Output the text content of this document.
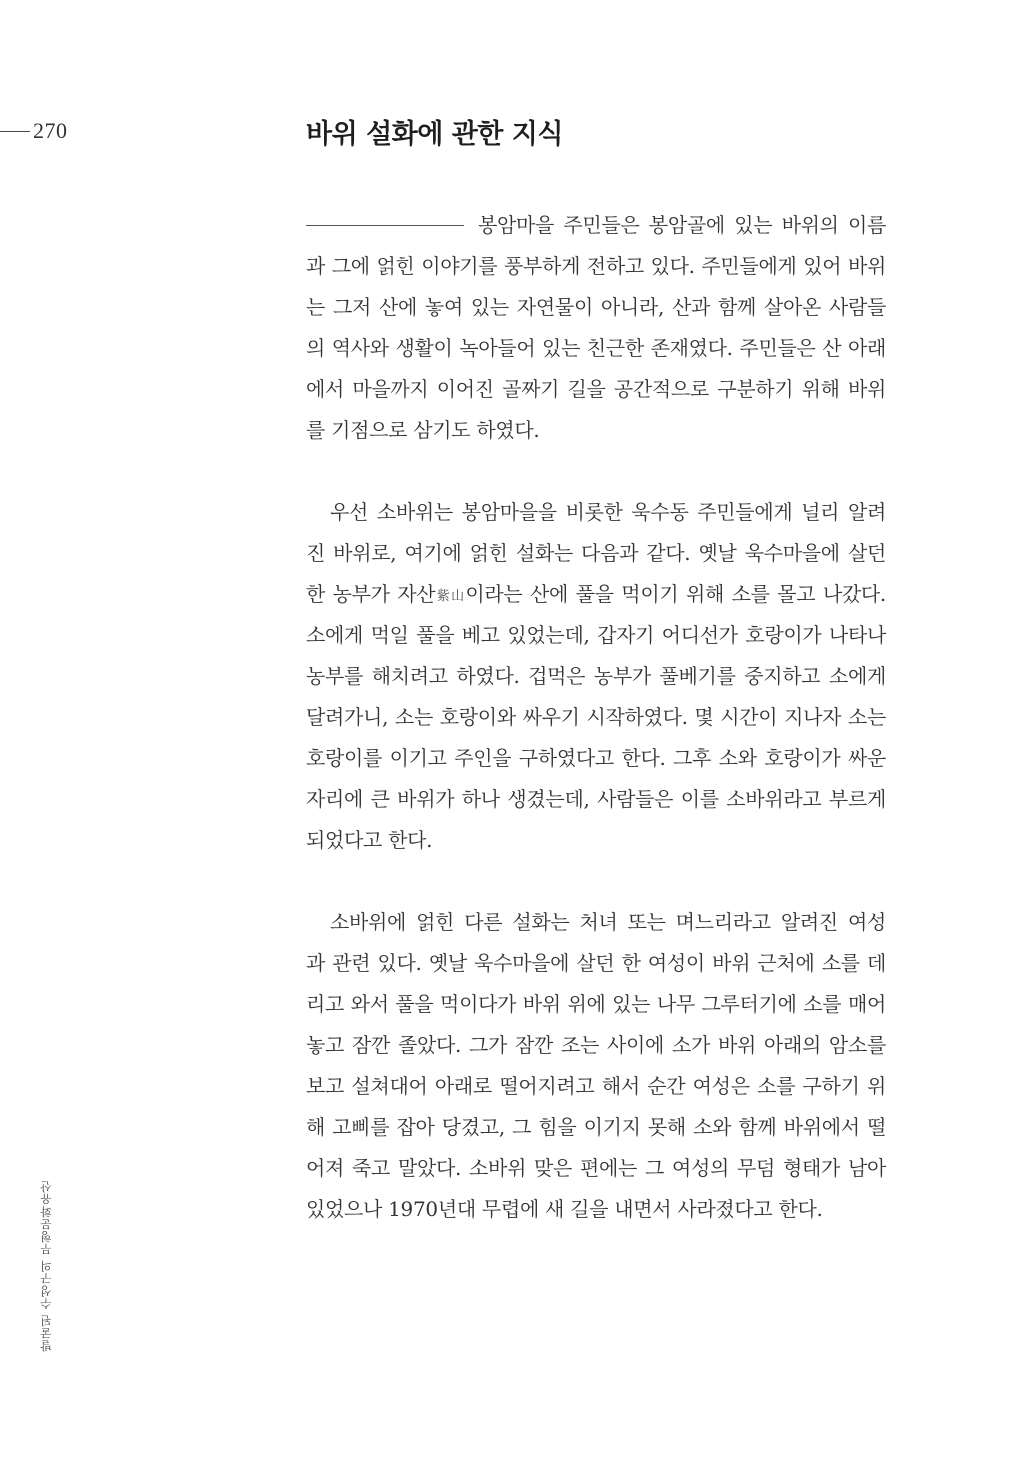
270	바위 설화에 관한 지식
봉암마을 주민들은 봉암골에 있는 바위의 이름
과 그에 얽힌 이야기를 풍부하게 전하고 있다. 주민들에게 있어 바위
는 그저 산에 놓여 있는 자연물이 아니라, 산과 함께 살아온 사람들
의 역사와 생활이 녹아들어 있는 친근한 존재였다. 주민들은 산 아래
에서 마을까지 이어진 골짜기 길을 공간적으로 구분하기 위해 바위
를 기점으로 삼기도 하였다.
우선 소바위는 봉암마을을 비롯한 욱수동 주민들에게 널리 알려
진 바위로, 여기에 얽힌 설화는 다음과 같다. 옛날 욱수마을에 살던
한 농부가 자산紫山이라는 산에 풀을 먹이기 위해 소를 몰고 나갔다.
소에게 먹일 풀을 베고 있었는데, 갑자기 어디선가 호랑이가 나타나
농부를 해치려고 하였다. 겁먹은 농부가 풀베기를 중지하고 소에게
달려가니, 소는 호랑이와 싸우기 시작하였다. 몇 시간이 지나자 소는
호랑이를 이기고 주인을 구하였다고 한다. 그후 소와 호랑이가 싸운
자리에 큰 바위가 하나 생겼는데, 사람들은 이를 소바위라고 부르게
되었다고 한다.
소바위에 얽힌 다른 설화는 처녀 또는 며느리라고 알려진 여성
과 관련 있다. 옛날 욱수마을에 살던 한 여성이 바위 근처에 소를 데
리고 와서 풀을 먹이다가 바위 위에 있는 나무 그루터기에 소를 매어
놓고 잠깐 졸았다. 그가 잠깐 조는 사이에 소가 바위 아래의 암소를
보고 설쳐대어 아래로 떨어지려고 해서 순간 여성은 소를 구하기 위
해 고삐를 잡아 당겼고, 그 힘을 이기지 못해 소와 함께 바위에서 떨
어져 죽고 말았다. 소바위 맞은 편에는 그 여성의 무덤 형태가 남아
있었으나 1970년대 무렵에 새 길을 내면서 사라졌다고 한다.
발굴된 수성구의 무형문화유산
